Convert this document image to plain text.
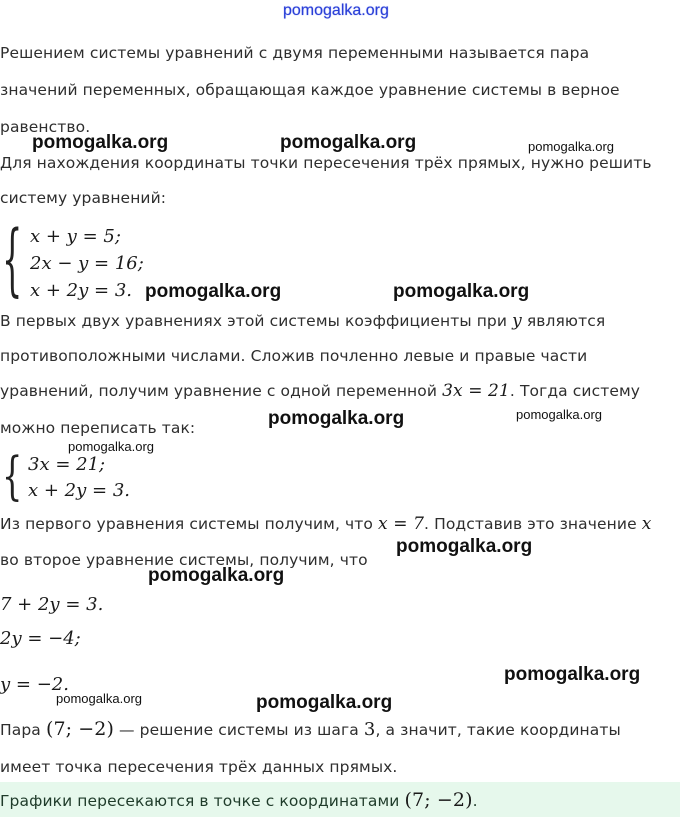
pomogalka.org
Решением системы уравнений с двумя переменными называется пара
значений переменных, обращающая каждое уравнение системы в верное
равенство.
Для нахождения координаты точки пересечения трёх прямых, нужно решить
систему уравнений:
{ x + y = 5;
2x − y = 16;
x + 2y = 3.
В первых двух уравнениях этой системы коэффициенты при y являются
противоположными числами. Сложив почленно левые и правые части
уравнений, получим уравнение с одной переменной 3x = 21. Тогда систему
можно переписать так:
{ 3x = 21;
x + 2y = 3.
Из первого уравнения системы получим, что x = 7. Подставив это значение x
во второе уравнение системы, получим, что
7 + 2y = 3.
2y = −4;
y = −2.
Пара (7; −2) — решение системы из шага 3, а значит, такие координаты
имеет точка пересечения трёх данных прямых.
Графики пересекаются в точке с координатами (7; −2).
pomogalka.org	pomogalka.org	pomogalka.org
pomogalka.org	pomogalka.org
pomogalka.org	pomogalka.org
pomogalka.org
pomogalka.org
pomogalka.org
pomogalka.org
pomogalka.org	pomogalka.org
